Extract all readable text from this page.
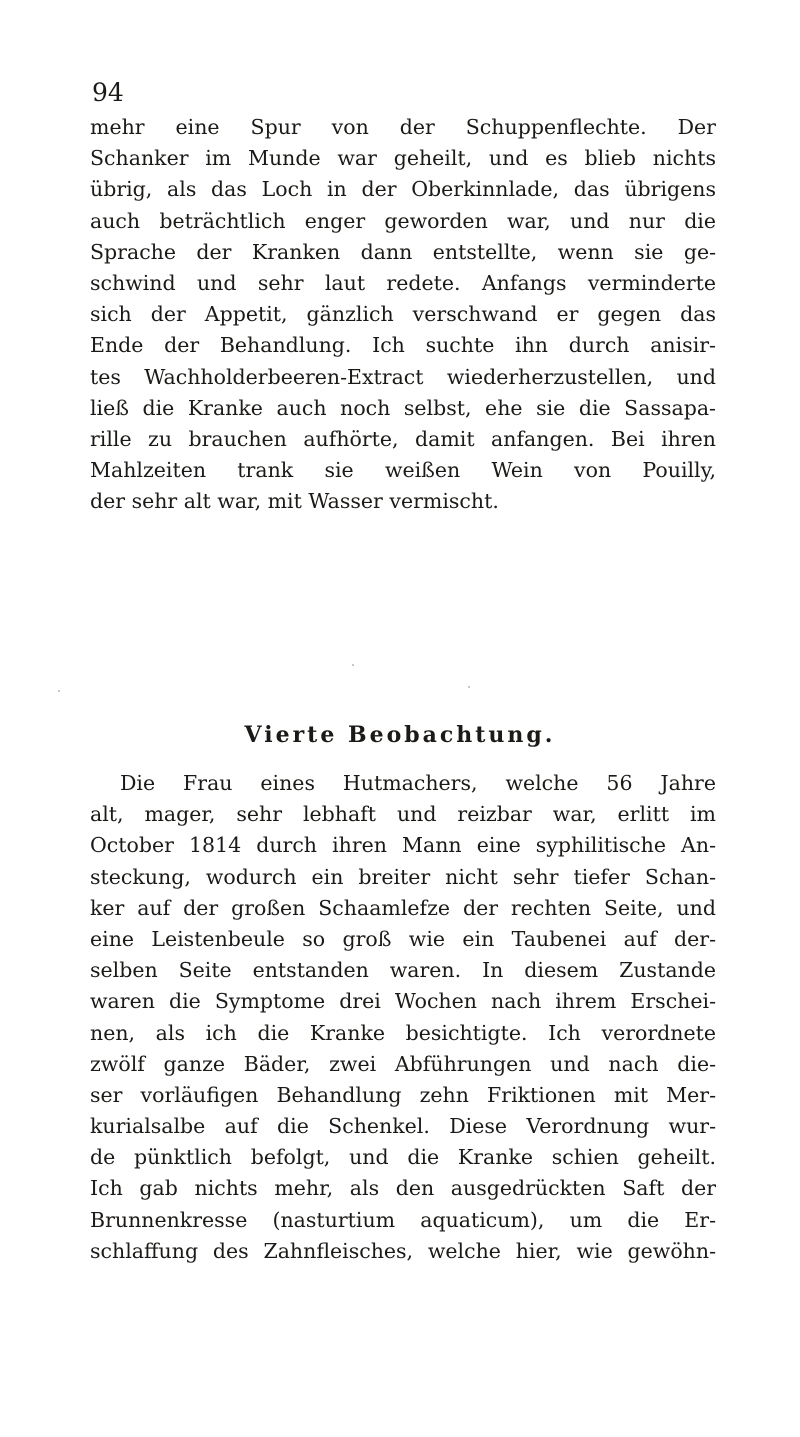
94
mehr eine Spur von der Schuppenflechte. Der
Schanker im Munde war geheilt, und es blieb nichts
übrig, als das Loch in der Oberkinnlade, das übrigens
auch beträchtlich enger geworden war, und nur die
Sprache der Kranken dann entstellte, wenn sie ge-
schwind und sehr laut redete. Anfangs verminderte
sich der Appetit, gänzlich verschwand er gegen das
Ende der Behandlung. Ich suchte ihn durch anisir-
tes Wachholderbeeren-Extract wiederherzustellen, und
ließ die Kranke auch noch selbst, ehe sie die Sassapa-
rille zu brauchen aufhörte, damit anfangen. Bei ihren
Mahlzeiten trank sie weißen Wein von Pouilly,
der sehr alt war, mit Wasser vermischt.
Vierte Beobachtung.
Die Frau eines Hutmachers, welche 56 Jahre
alt, mager, sehr lebhaft und reizbar war, erlitt im
October 1814 durch ihren Mann eine syphilitische An-
steckung, wodurch ein breiter nicht sehr tiefer Schan-
ker auf der großen Schaamlefze der rechten Seite, und
eine Leistenbeule so groß wie ein Taubenei auf der-
selben Seite entstanden waren. In diesem Zustande
waren die Symptome drei Wochen nach ihrem Erschei-
nen, als ich die Kranke besichtigte. Ich verordnete
zwölf ganze Bäder, zwei Abführungen und nach die-
ser vorläufigen Behandlung zehn Friktionen mit Mer-
kurialsalbe auf die Schenkel. Diese Verordnung wur-
de pünktlich befolgt, und die Kranke schien geheilt.
Ich gab nichts mehr, als den ausgedrückten Saft der
Brunnenkresse (nasturtium aquaticum), um die Er-
schlaffung des Zahnfleisches, welche hier, wie gewöhn-
